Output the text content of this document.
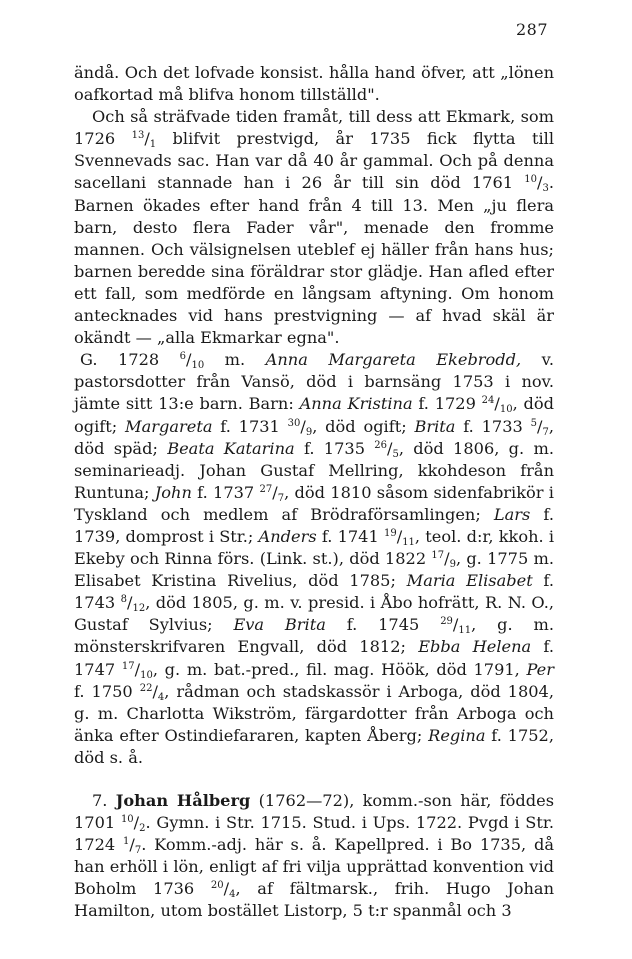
287

ändå. Och det lofvade konsist. hålla hand öfver, att „lönen oafkortad må blifva honom tillställd".

Och så sträfvade tiden framåt, till dess att Ekmark, som 1726 $^{13}/_1$ blifvit prestvigd, år 1735 fick flytta till Svennevads sac. Han var då 40 år gammal. Och på denna sacellani stannade han i 26 år till sin död 1761 $^{10}/_3$. Barnen ökades efter hand från 4 till 13. Men „ju flera barn, desto flera Fader vår", menade den fromme mannen. Och välsignelsen uteblef ej häller från hans hus; barnen beredde sina föräldrar stor glädje. Han afled efter ett fall, som medförde en långsam aftyning. Om honom antecknades vid hans prestvigning — af hvad skäl är okändt — „alla Ekmarkar egna".

G. 1728 $^6/_{10}$ m. Anna Margareta Ekebrodd, v. pastorsdotter från Vansö, död i barnsäng 1753 i nov. jämte sitt 13:e barn. Barn: Anna Kristina f. 1729 $^{24}/_{10}$, död ogift; Margareta f. 1731 $^{30}/_9$, död ogift; Brita f. 1733 $^5/_7$, död späd; Beata Katarina f. 1735 $^{26}/_5$, död 1806, g. m. seminarieadj. Johan Gustaf Mellring, kkohdeson från Runtuna; John f. 1737 $^{27}/_7$, död 1810 såsom sidenfabrikör i Tyskland och medlem af Brödraförsamlingen; Lars f. 1739, domprost i Str.; Anders f. 1741 $^{19}/_{11}$, teol. d:r, kkoh. i Ekeby och Rinna förs. (Link. st.), död 1822 $^{17}/_9$, g. 1775 m. Elisabet Kristina Rivelius, död 1785; Maria Elisabet f. 1743 $^8/_{12}$, död 1805, g. m. v. presid. i Åbo hofrätt, R. N. O., Gustaf Sylvius; Eva Brita f. 1745 $^{29}/_{11}$, g. m. mönsterskrifvaren Engvall, död 1812; Ebba Helena f. 1747 $^{17}/_{10}$, g. m. bat.-pred., fil. mag. Höök, död 1791, Per f. 1750 $^{22}/_4$, rådman och stadskassör i Arboga, död 1804, g. m. Charlotta Wikström, färgardotter från Arboga och änka efter Ostindiefararen, kapten Åberg; Regina f. 1752, död s. å.

7. Johan Hålberg (1762—72), komm.-son här, föddes 1701 $^{10}/_2$. Gymn. i Str. 1715. Stud. i Ups. 1722. Pvgd i Str. 1724 $^1/_7$. Komm.-adj. här s. å. Kapellpred. i Bo 1735, då han erhöll i lön, enligt af fri vilja upprättad konvention vid Boholm 1736 $^{20}/_4$, af fältmarsk., frih. Hugo Johan Hamilton, utom bostället Listorp, 5 t:r spanmål och 3
